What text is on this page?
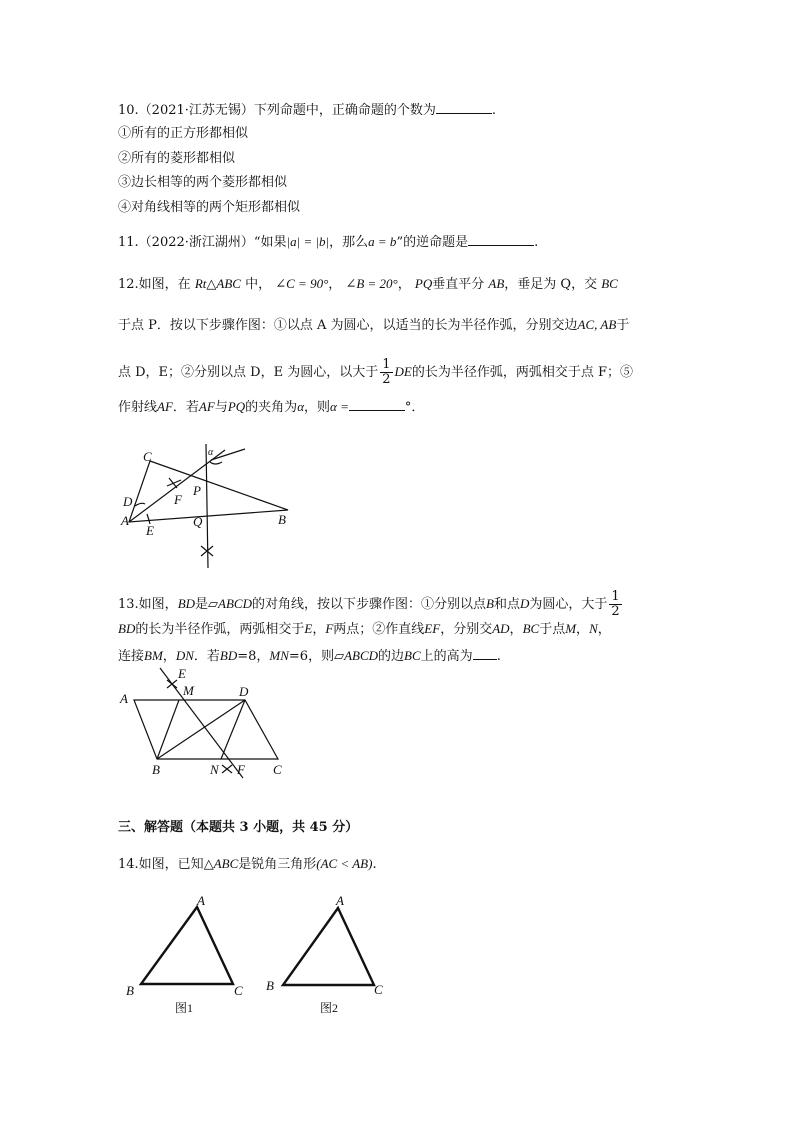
10.（2021·江苏无锡）下列命题中，正确命题的个数为	.
①所有的正方形都相似
②所有的菱形都相似
③边长相等的两个菱形都相似
④对角线相等的两个矩形都相似
11.（2022·浙江湖州）“如果|a| = |b|，那么a = b”的逆命题是	.
12.如图，在 Rt△ABC 中， ∠C = 90°， ∠B = 20°， PQ垂直平分 AB，垂足为 Q，交 BC
于点 P．按以下步骤作图：①以点 A 为圆心，以适当的长为半径作弧，分别交边AC, AB于
点 D，E；②分别以点 D，E 为圆心，以大于 $\frac{1}{2}$ DE的长为半径作弧，两弧相交于点 F；⑤
作射线AF．若AF与PQ的夹角为α，则α =	°．
C
D
A
E
F
P
Q	B
α
13.如图，BD是▱ABCD的对角线，按以下步骤作图：①分别以点B和点D为圆心，大于 $\frac{1}{2}$
BD的长为半径作弧，两弧相交于E，F两点；②作直线EF，分别交AD，BC于点M，N，
连接BM，DN．若BD=8，MN=6，则▱ABCD的边BC上的高为 .
E
M
A	D
B	N F C
三、解答题（本题共 3 小题，共 45 分）
14.如图，已知△ABC是锐角三角形(AC < AB).
A
B	C
图1
A
B	C
图2
